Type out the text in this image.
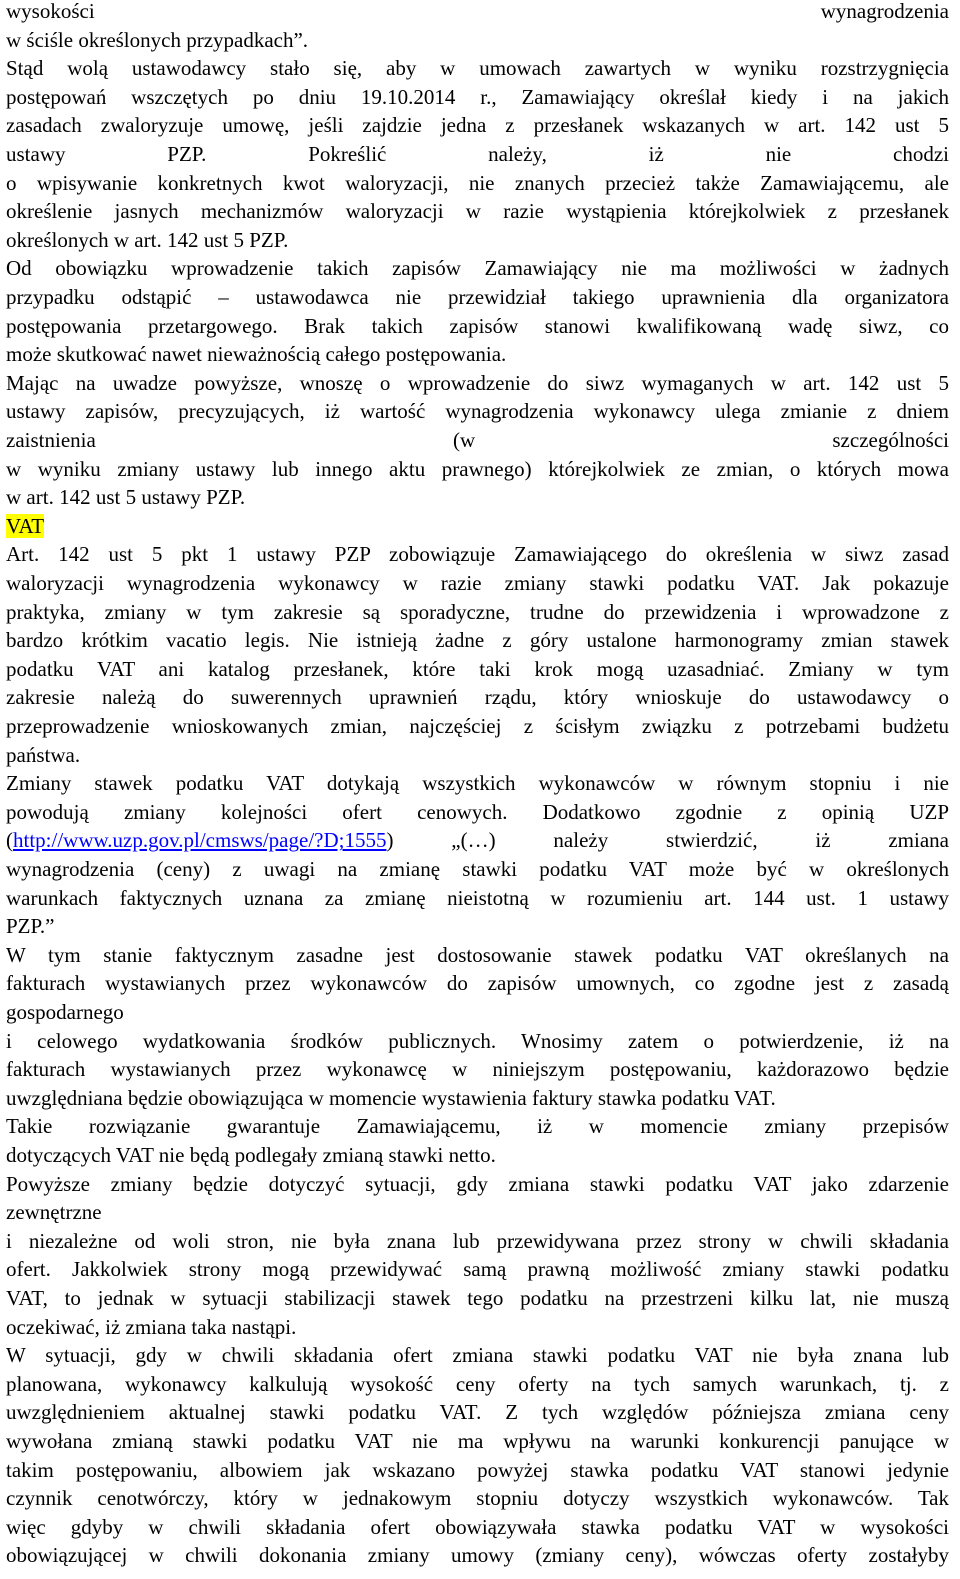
wysokości wynagrodzenia
w ściśle określonych przypadkach”.
Stąd wolą ustawodawcy stało się, aby w umowach zawartych w wyniku rozstrzygnięcia
postępowań wszczętych po dniu 19.10.2014 r., Zamawiający określał kiedy i na jakich
zasadach zwaloryzuje umowę, jeśli zajdzie jedna z przesłanek wskazanych w art. 142 ust 5
ustawy PZP. Pokreślić należy, iż nie chodzi
o wpisywanie konkretnych kwot waloryzacji, nie znanych przecież także Zamawiającemu, ale
określenie jasnych mechanizmów waloryzacji w razie wystąpienia którejkolwiek z przesłanek
określonych w art. 142 ust 5 PZP.
Od obowiązku wprowadzenie takich zapisów Zamawiający nie ma możliwości w żadnych
przypadku odstąpić – ustawodawca nie przewidział takiego uprawnienia dla organizatora
postępowania przetargowego. Brak takich zapisów stanowi kwalifikowaną wadę siwz, co
może skutkować nawet nieważnością całego postępowania.
Mając na uwadze powyższe, wnoszę o wprowadzenie do siwz wymaganych w art. 142 ust 5
ustawy zapisów, precyzujących, iż wartość wynagrodzenia wykonawcy ulega zmianie z dniem
zaistnienia (w szczególności
w wyniku zmiany ustawy lub innego aktu prawnego) którejkolwiek ze zmian, o których mowa
w art. 142 ust 5 ustawy PZP.
VAT
Art. 142 ust 5 pkt 1 ustawy PZP zobowiązuje Zamawiającego do określenia w siwz zasad
waloryzacji wynagrodzenia wykonawcy w razie zmiany stawki podatku VAT. Jak pokazuje
praktyka, zmiany w tym zakresie są sporadyczne, trudne do przewidzenia i wprowadzone z
bardzo krótkim vacatio legis. Nie istnieją żadne z góry ustalone harmonogramy zmian stawek
podatku VAT ani katalog przesłanek, które taki krok mogą uzasadniać. Zmiany w tym
zakresie należą do suwerennych uprawnień rządu, który wnioskuje do ustawodawcy o
przeprowadzenie wnioskowanych zmian, najczęściej z ścisłym związku z potrzebami budżetu
państwa.
Zmiany stawek podatku VAT dotykają wszystkich wykonawców w równym stopniu i nie
powodują zmiany kolejności ofert cenowych. Dodatkowo zgodnie z opinią UZP
(http://www.uzp.gov.pl/cmsws/page/?D;1555) „(…) należy stwierdzić, iż zmiana
wynagrodzenia (ceny) z uwagi na zmianę stawki podatku VAT może być w określonych
warunkach faktycznych uznana za zmianę nieistotną w rozumieniu art. 144 ust. 1 ustawy
PZP.”
W tym stanie faktycznym zasadne jest dostosowanie stawek podatku VAT określanych na
fakturach wystawianych przez wykonawców do zapisów umownych, co zgodne jest z zasadą
gospodarnego
i celowego wydatkowania środków publicznych. Wnosimy zatem o potwierdzenie, iż na
fakturach wystawianych przez wykonawcę w niniejszym postępowaniu, każdorazowo będzie
uwzględniana będzie obowiązująca w momencie wystawienia faktury stawka podatku VAT.
Takie rozwiązanie gwarantuje Zamawiającemu, iż w momencie zmiany przepisów
dotyczących VAT nie będą podlegały zmianą stawki netto.
Powyższe zmiany będzie dotyczyć sytuacji, gdy zmiana stawki podatku VAT jako zdarzenie
zewnętrzne
i niezależne od woli stron, nie była znana lub przewidywana przez strony w chwili składania
ofert. Jakkolwiek strony mogą przewidywać samą prawną możliwość zmiany stawki podatku
VAT, to jednak w sytuacji stabilizacji stawek tego podatku na przestrzeni kilku lat, nie muszą
oczekiwać, iż zmiana taka nastąpi.
W sytuacji, gdy w chwili składania ofert zmiana stawki podatku VAT nie była znana lub
planowana, wykonawcy kalkulują wysokość ceny oferty na tych samych warunkach, tj. z
uwzględnieniem aktualnej stawki podatku VAT. Z tych względów późniejsza zmiana ceny
wywołana zmianą stawki podatku VAT nie ma wpływu na warunki konkurencji panujące w
takim postępowaniu, albowiem jak wskazano powyżej stawka podatku VAT stanowi jedynie
czynnik cenotwórczy, który w jednakowym stopniu dotyczy wszystkich wykonawców. Tak
więc gdyby w chwili składania ofert obowiązywała stawka podatku VAT w wysokości
obowiązującej w chwili dokonania zmiany umowy (zmiany ceny), wówczas oferty zostałyby
